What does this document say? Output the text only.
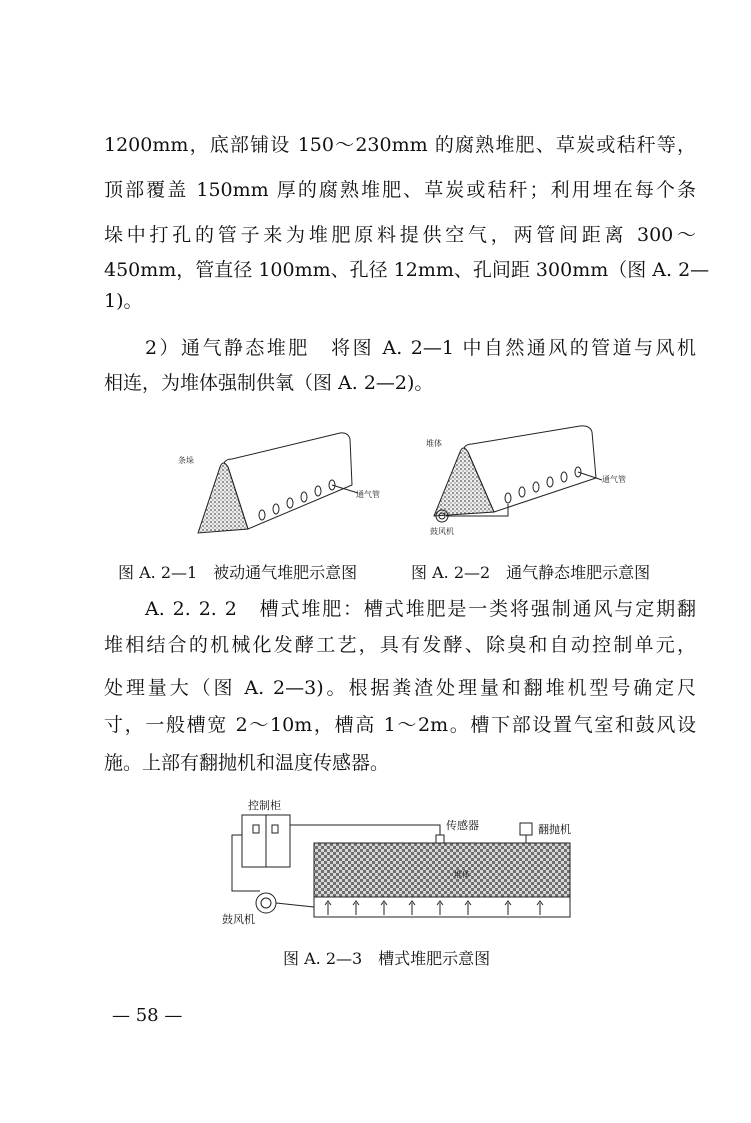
1200mm，底部铺设 150～230mm 的腐熟堆肥、草炭或秸秆等，
顶部覆盖 150mm 厚的腐熟堆肥、草炭或秸秆；利用埋在每个条
垛中打孔的管子来为堆肥原料提供空气，两管间距离 300～
450mm，管直径 100mm、孔径 12mm、孔间距 300mm（图 A. 2—
1)。
2）通气静态堆肥　将图 A. 2—1 中自然通风的管道与风机
相连，为堆体强制供氧（图 A. 2—2)。
条垛
通气管
堆体
通气管
鼓风机
图 A. 2—1　被动通气堆肥示意图	图 A. 2—2　通气静态堆肥示意图
A. 2. 2. 2　槽式堆肥：槽式堆肥是一类将强制通风与定期翻
堆相结合的机械化发酵工艺，具有发酵、除臭和自动控制单元，
处理量大（图 A. 2—3)。根据粪渣处理量和翻堆机型号确定尺
寸，一般槽宽 2～10m，槽高 1～2m。槽下部设置气室和鼓风设
施。上部有翻抛机和温度传感器。
控制柜
传感器	翻抛机
堆体
鼓风机
图 A. 2—3　槽式堆肥示意图
— 58 —
